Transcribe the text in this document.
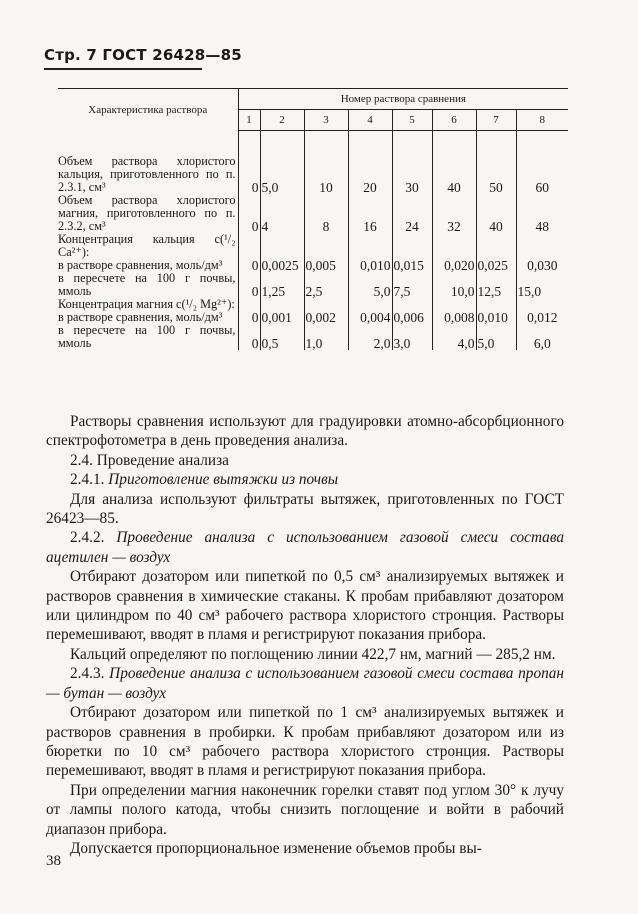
Стр. 7 ГОСТ 26428—85
Характеристика раствора	Номер раствора сравнения							
	1	2	3	4	5	6	7	8

Объем раствора хлористого кальция, приготовленного по п. 2.3.1, см³	0	5,0	10	20	30	40	50	60
Объем раствора хлористого магния, приготовленного по п. 2.3.2, см³	0	4	8	16	24	32	40	48
Концентрация кальция c(¹/₂ Ca²⁺):								
в растворе сравнения, моль/дм³	0	0,0025	0,005	0,010	0,015	0,020	0,025	0,030
в пересчете на 100 г почвы, ммоль	0	1,25	2,5	5,0	7,5	10,0	12,5	15,0
Концентрация магния c(¹/₂ Mg²⁺):								
в растворе сравнения, моль/дм³	0	0,001	0,002	0,004	0,006	0,008	0,010	0,012
в пересчете на 100 г почвы, ммоль	0	0,5	1,0	2,0	3,0	4,0	5,0	6,0

Растворы сравнения используют для градуировки атомно-абсорбционного спектрофотометра в день проведения анализа.

2.4. Проведение анализа

2.4.1. Приготовление вытяжки из почвы

Для анализа используют фильтраты вытяжек, приготовленных по ГОСТ 26423—85.

2.4.2. Проведение анализа с использованием газовой смеси состава ацетилен — воздух

Отбирают дозатором или пипеткой по 0,5 см³ анализируемых вытяжек и растворов сравнения в химические стаканы. К пробам прибавляют дозатором или цилиндром по 40 см³ рабочего раствора хлористого стронция. Растворы перемешивают, вводят в пламя и регистрируют показания прибора.

Кальций определяют по поглощению линии 422,7 нм, магний — 285,2 нм.

2.4.3. Проведение анализа с использованием газовой смеси состава пропан — бутан — воздух

Отбирают дозатором или пипеткой по 1 см³ анализируемых вытяжек и растворов сравнения в пробирки. К пробам прибавляют дозатором или из бюретки по 10 см³ рабочего раствора хлористого стронция. Растворы перемешивают, вводят в пламя и регистрируют показания прибора.

При определении магния наконечник горелки ставят под углом 30° к лучу от лампы полого катода, чтобы снизить поглощение и войти в рабочий диапазон прибора.

Допускается пропорциональное изменение объемов пробы вы-

38
